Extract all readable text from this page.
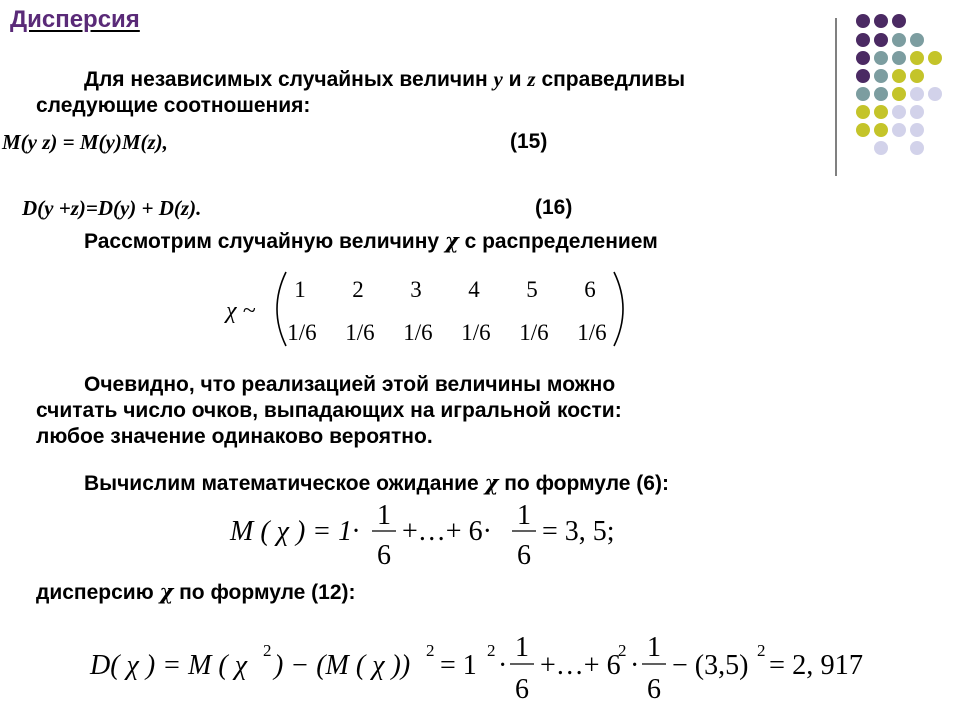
Дисперсия
Для независимых случайных величин y и z справедливы
следующие соотношения:
M(y z) = M(y)M(z),	(15)
D(y +z)=D(y) + D(z).	(16)
Рассмотрим случайную величину χ с распределением
χ ~
1 2 3 4 5 6
1/6 1/6 1/6 1/6 1/6 1/6
Очевидно, что реализацией этой величины можно
считать число очков, выпадающих на игральной кости:
любое значение одинаково вероятно.
Вычислим математическое ожидание χ по формуле (6):
M ( χ ) = 1·
1
6
+…+ 6·
1
6
= 3, 5;
дисперсию χ по формуле (12):
D( χ ) = M ( χ 2 ) − (M ( χ )) 2 = 1 2 ·
1
6
+…+ 6
2 ·
1
6
− (3,5) 2 = 2, 917
